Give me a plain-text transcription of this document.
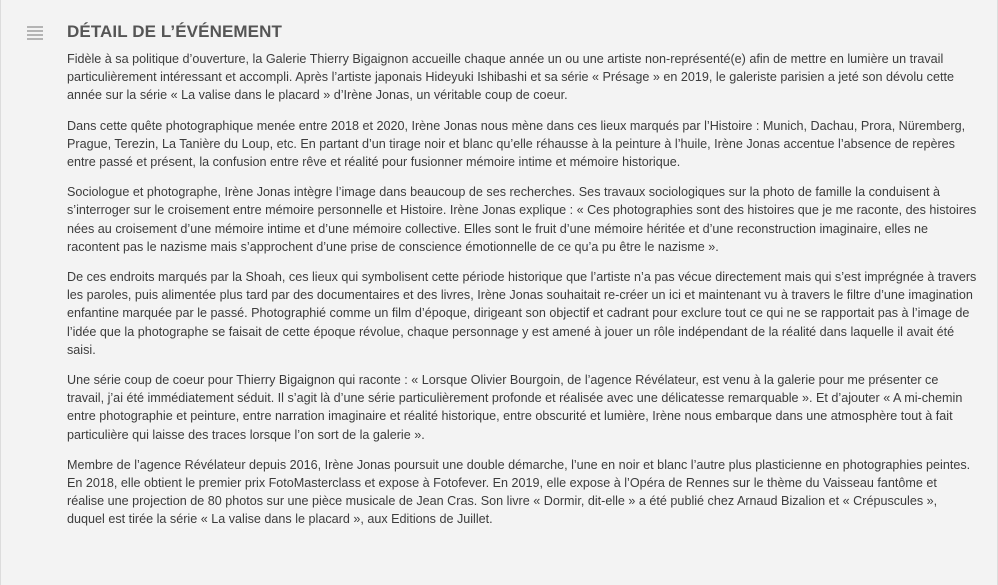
DÉTAIL DE L’ÉVÉNEMENT

Fidèle à sa politique d’ouverture, la Galerie Thierry Bigaignon accueille chaque année un ou une artiste non-représenté(e) afin de mettre en lumière un travail particulièrement intéressant et accompli. Après l’artiste japonais Hideyuki Ishibashi et sa série « Présage » en 2019, le galeriste parisien a jeté son dévolu cette année sur la série « La valise dans le placard » d’Irène Jonas, un véritable coup de coeur.

Dans cette quête photographique menée entre 2018 et 2020, Irène Jonas nous mène dans ces lieux marqués par l’Histoire : Munich, Dachau, Prora, Nüremberg, Prague, Terezin, La Tanière du Loup, etc. En partant d’un tirage noir et blanc qu’elle réhausse à la peinture à l’huile, Irène Jonas accentue l’absence de repères entre passé et présent, la confusion entre rêve et réalité pour fusionner mémoire intime et mémoire historique.

Sociologue et photographe, Irène Jonas intègre l’image dans beaucoup de ses recherches. Ses travaux sociologiques sur la photo de famille la conduisent à s’interroger sur le croisement entre mémoire personnelle et Histoire. Irène Jonas explique : « Ces photographies sont des histoires que je me raconte, des histoires nées au croisement d’une mémoire intime et d’une mémoire collective. Elles sont le fruit d’une mémoire héritée et d’une reconstruction imaginaire, elles ne racontent pas le nazisme mais s’approchent d’une prise de conscience émotionnelle de ce qu’a pu être le nazisme ».

De ces endroits marqués par la Shoah, ces lieux qui symbolisent cette période historique que l’artiste n’a pas vécue directement mais qui s’est imprégnée à travers les paroles, puis alimentée plus tard par des documentaires et des livres, Irène Jonas souhaitait re-créer un ici et maintenant vu à travers le filtre d’une imagination enfantine marquée par le passé. Photographié comme un film d’époque, dirigeant son objectif et cadrant pour exclure tout ce qui ne se rapportait pas à l’image de l’idée que la photographe se faisait de cette époque révolue, chaque personnage y est amené à jouer un rôle indépendant de la réalité dans laquelle il avait été saisi.

Une série coup de coeur pour Thierry Bigaignon qui raconte : « Lorsque Olivier Bourgoin, de l’agence Révélateur, est venu à la galerie pour me présenter ce travail, j’ai été immédiatement séduit. Il s’agit là d’une série particulièrement profonde et réalisée avec une délicatesse remarquable ». Et d’ajouter « A mi-chemin entre photographie et peinture, entre narration imaginaire et réalité historique, entre obscurité et lumière, Irène nous embarque dans une atmosphère tout à fait particulière qui laisse des traces lorsque l’on sort de la galerie ».

Membre de l’agence Révélateur depuis 2016, Irène Jonas poursuit une double démarche, l’une en noir et blanc l’autre plus plasticienne en photographies peintes. En 2018, elle obtient le premier prix FotoMasterclass et expose à Fotofever. En 2019, elle expose à l’Opéra de Rennes sur le thème du Vaisseau fantôme et réalise une projection de 80 photos sur une pièce musicale de Jean Cras. Son livre « Dormir, dit-elle » a été publié chez Arnaud Bizalion et « Crépuscules », duquel est tirée la série « La valise dans le placard », aux Editions de Juillet.
